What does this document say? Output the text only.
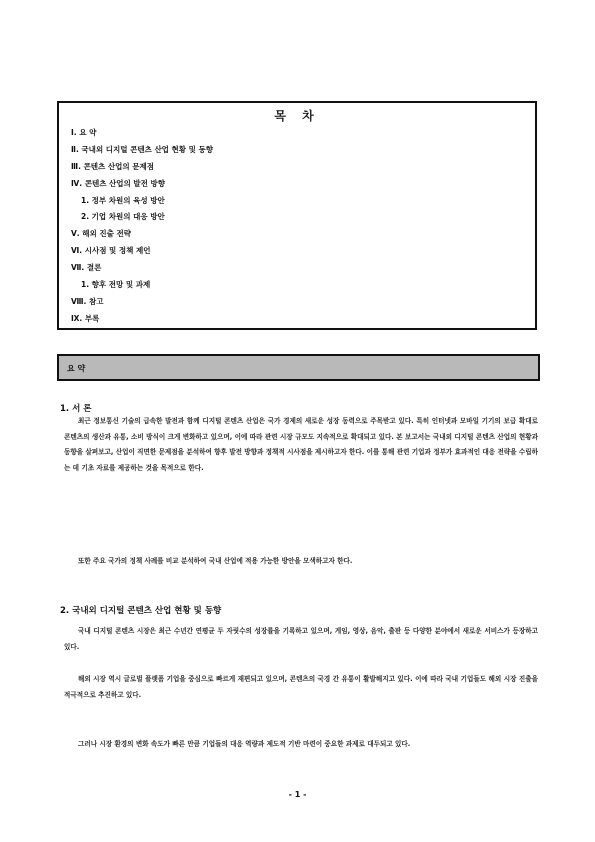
목 차
Ⅰ. 요 약
Ⅱ. 국내외 디지털 콘텐츠 산업 현황 및 동향
Ⅲ. 콘텐츠 산업의 문제점
Ⅳ. 콘텐츠 산업의 발전 방향
1. 정부 차원의 육성 방안
2. 기업 차원의 대응 방안
Ⅴ. 해외 진출 전략
Ⅵ. 시사점 및 정책 제언
Ⅶ. 결론
1. 향후 전망 및 과제
Ⅷ. 참고
Ⅸ. 부록
요 약
1. 서 론
최근 정보통신 기술의 급속한 발전과 함께 디지털 콘텐츠 산업은 국가 경제의 새로운 성장 동력으로 주목받고 있다. 특히 인터넷과 모바일 기기의 보급 확대로 콘텐츠의 생산과 유통, 소비 방식이 크게 변화하고 있으며, 이에 따라 관련 시장 규모도 지속적으로 확대되고 있다. 본 보고서는 국내외 디지털 콘텐츠 산업의 현황과 동향을 살펴보고, 산업이 직면한 문제점을 분석하여 향후 발전 방향과 정책적 시사점을 제시하고자 한다. 이를 통해 관련 기업과 정부가 효과적인 대응 전략을 수립하는 데 기초 자료를 제공하는 것을 목적으로 한다.
또한 주요 국가의 정책 사례를 비교 분석하여 국내 산업에 적용 가능한 방안을 모색하고자 한다.
2. 국내외 디지털 콘텐츠 산업 현황 및 동향
국내 디지털 콘텐츠 시장은 최근 수년간 연평균 두 자릿수의 성장률을 기록하고 있으며, 게임, 영상, 음악, 출판 등 다양한 분야에서 새로운 서비스가 등장하고 있다.
해외 시장 역시 글로벌 플랫폼 기업을 중심으로 빠르게 재편되고 있으며, 콘텐츠의 국경 간 유통이 활발해지고 있다. 이에 따라 국내 기업들도 해외 시장 진출을 적극적으로 추진하고 있다.
그러나 시장 환경의 변화 속도가 빠른 만큼 기업들의 대응 역량과 제도적 기반 마련이 중요한 과제로 대두되고 있다.
- 1 -
